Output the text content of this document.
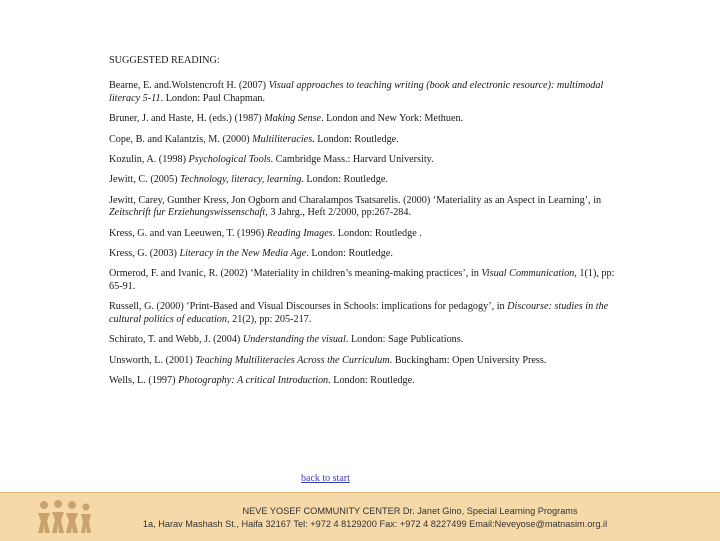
SUGGESTED READING:

Bearne, E. and.Wolstencroft H. (2007) Visual approaches to teaching writing (book and electronic resource): multimodal literacy 5-11. London: Paul Chapman.

Bruner, J. and Haste, H. (eds.) (1987) Making Sense. London and New York: Methuen.

Cope, B. and Kalantzis, M. (2000) Multiliteracies. London: Routledge.

Kozulin, A. (1998) Psychological Tools. Cambridge Mass.: Harvard University.

Jewitt, C. (2005) Technology, literacy, learning. London: Routledge.

Jewitt, Carey, Gunther Kress, Jon Ogborn and Charalampos Tsatsarelis. (2000) ‘Materiality as an Aspect in Learning’, in Zeitschrift fur Erziehungswissenschaft, 3 Jahrg., Heft 2/2000, pp:267-284.

Kress, G. and van Leeuwen, T. (1996) Reading Images. London: Routledge .

Kress, G. (2003) Literacy in the New Media Age. London: Routledge.

Ormerod, F. and Ivanic, R. (2002) ‘Materiality in children’s meaning-making practices’, in Visual Communication, 1(1), pp: 65-91.

Russell, G. (2000) ‘Print-Based and Visual Discourses in Schools: implications for pedagogy’, in Discourse: studies in the cultural politics of education, 21(2), pp: 205-217.

Schirato, T. and Webb, J. (2004) Understanding the visual. London: Sage Publications.

Unsworth, L. (2001) Teaching Multiliteracies Across the Curriculum. Buckingham: Open University Press.

Wells, L. (1997) Photography: A critical Introduction. London: Routledge.

back to start
NEVE YOSEF COMMUNITY CENTER Dr. Janet Gino, Special Learning Programs
1a, Harav Mashash St., Haifa 32167 Tel: +972 4 8129200 Fax: +972 4 8227499 Email:Neveyose@matnasim.org.il
